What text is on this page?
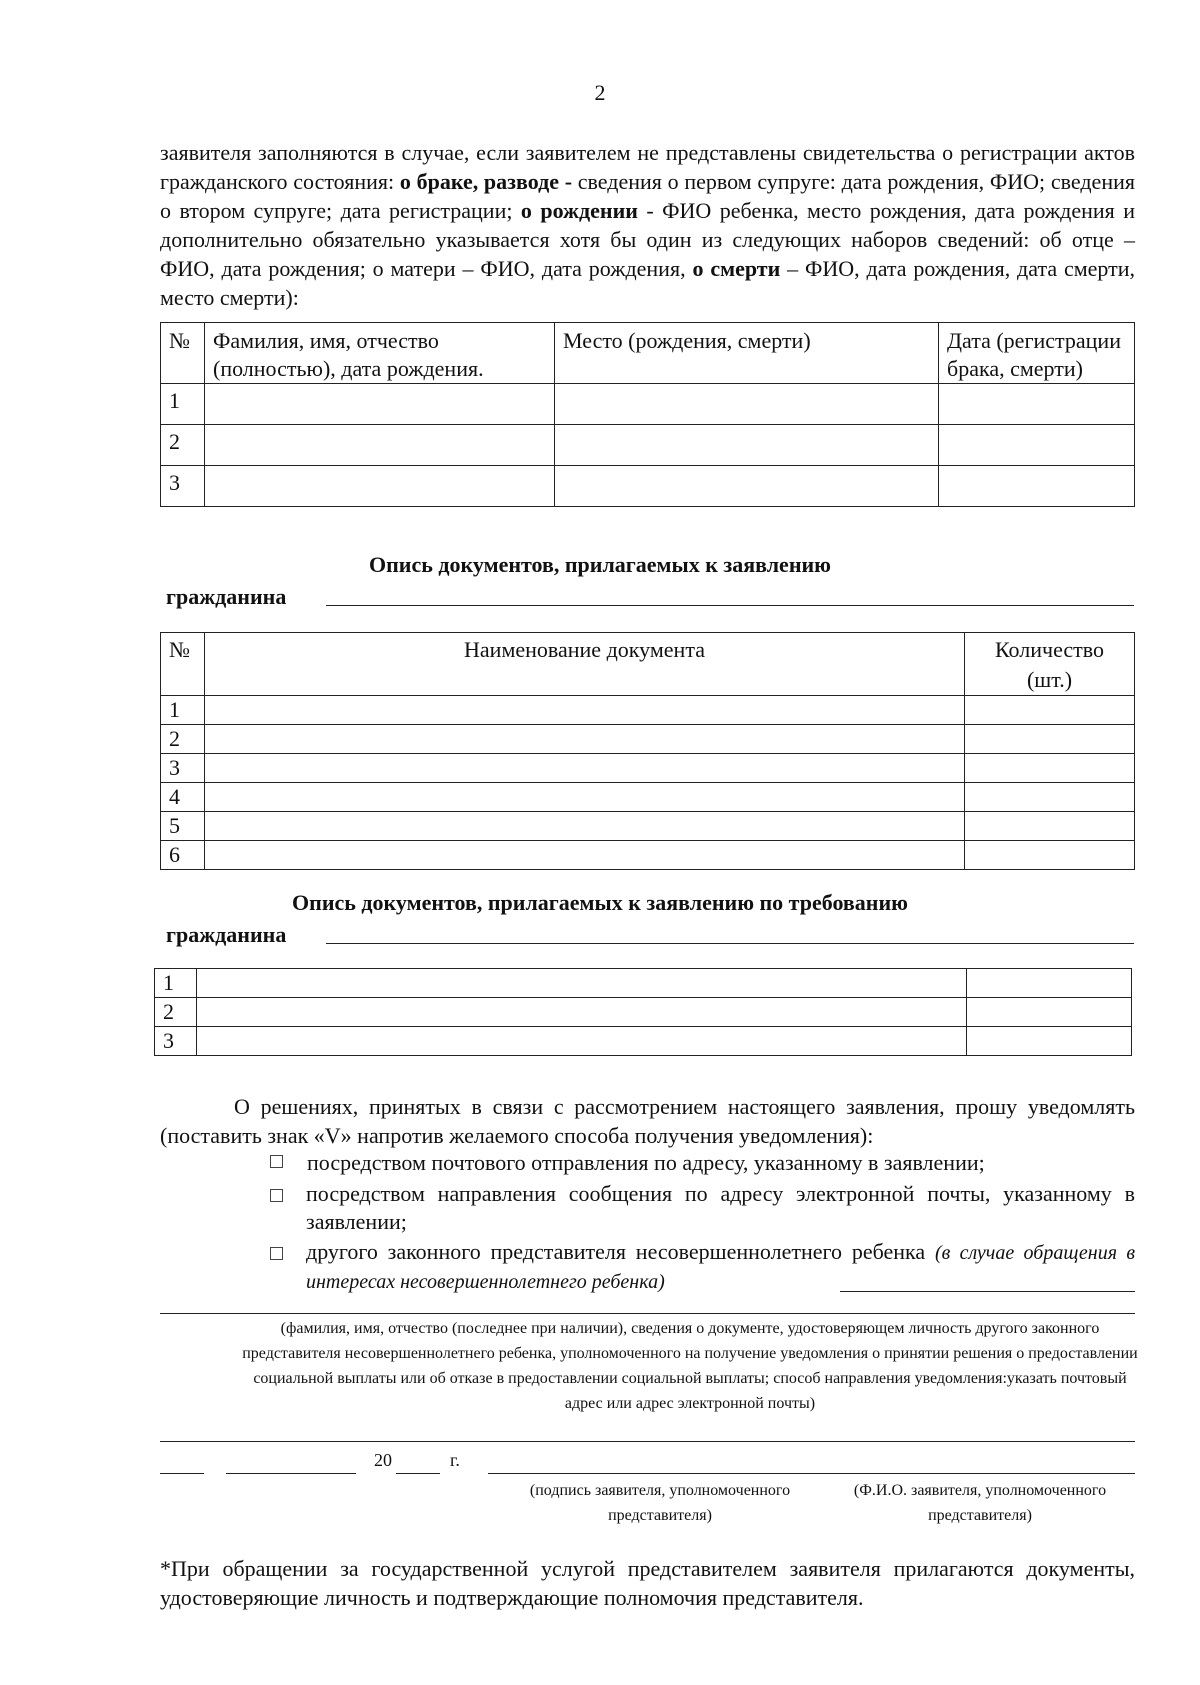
2
заявителя заполняются в случае, если заявителем не представлены свидетельства о регистрации актов гражданского состояния: о браке, разводе - сведения о первом супруге: дата рождения, ФИО; сведения о втором супруге; дата регистрации; о рождении - ФИО ребенка, место рождения, дата рождения и дополнительно обязательно указывается хотя бы один из следующих наборов сведений: об отце – ФИО, дата рождения; о матери – ФИО, дата рождения, о смерти – ФИО, дата рождения, дата смерти, место смерти):
№	Фамилия, имя, отчество (полностью), дата рождения.	Место (рождения, смерти)	Дата (регистрации брака, смерти)
1			
2			
3			
Опись документов, прилагаемых к заявлению
гражданина
№	Наименование документа	Количество (шт.)
1		
2		
3		
4		
5		
6		
Опись документов, прилагаемых к заявлению по требованию
гражданина
1		
2		
3		
О решениях, принятых в связи с рассмотрением настоящего заявления, прошу уведомлять (поставить знак «V» напротив желаемого способа получения уведомления):
посредством почтового отправления по адресу, указанному в заявлении;
посредством направления сообщения по адресу электронной почты, указанному в заявлении;
другого законного представителя несовершеннолетнего ребенка (в случае обращения в интересах несовершеннолетнего ребенка)
(фамилия, имя, отчество (последнее при наличии), сведения о документе, удостоверяющем личность другого законного представителя несовершеннолетнего ребенка, уполномоченного на получение уведомления о принятии решения о предоставлении социальной выплаты или об отказе в предоставлении социальной выплаты; способ направления уведомления:указать почтовый адрес или адрес электронной почты)
20	г.
(подпись заявителя, уполномоченного представителя)
(Ф.И.О. заявителя, уполномоченного представителя)
*При обращении за государственной услугой представителем заявителя прилагаются документы, удостоверяющие личность и подтверждающие полномочия представителя.
